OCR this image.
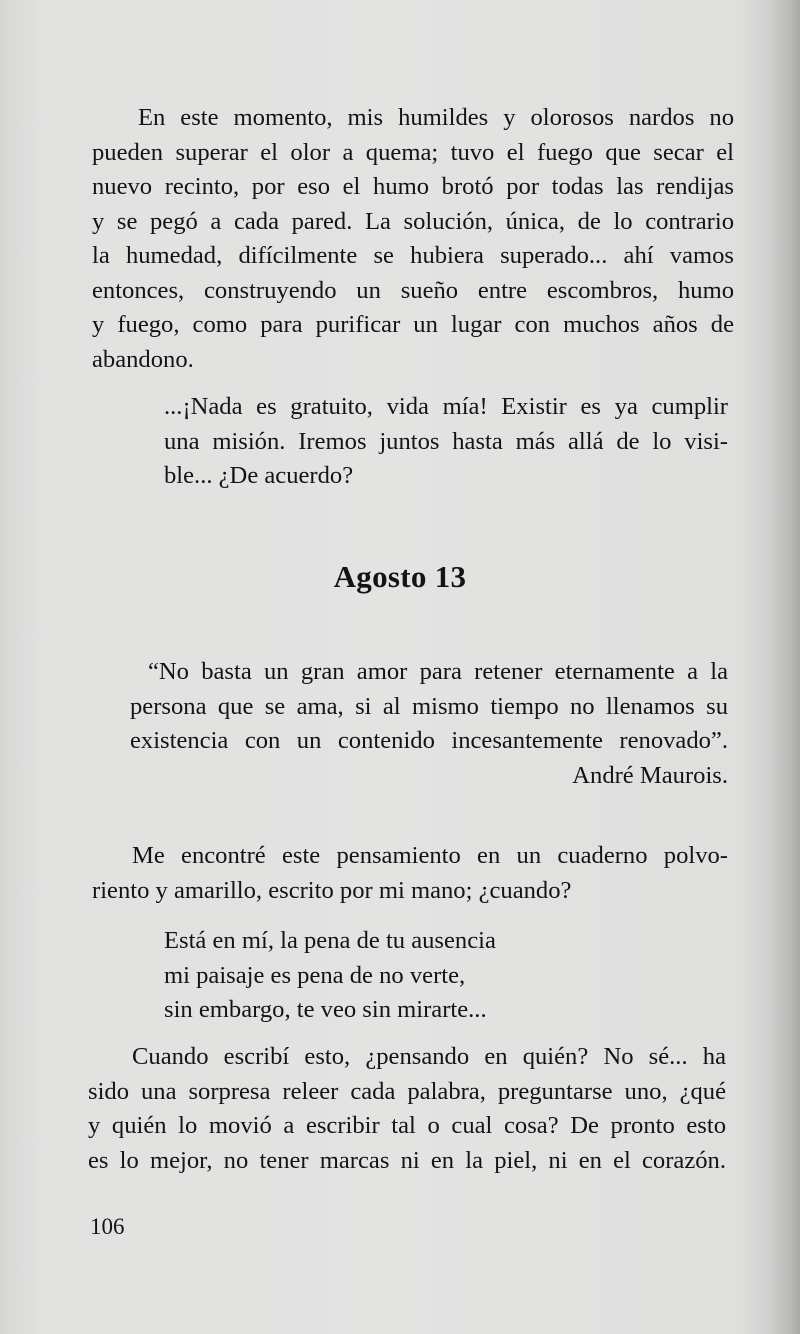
En este momento, mis humildes y olorosos nardos no
pueden superar el olor a quema; tuvo el fuego que secar el
nuevo recinto, por eso el humo brotó por todas las rendijas
y se pegó a cada pared. La solución, única, de lo contrario
la humedad, difícilmente se hubiera superado... ahí vamos
entonces, construyendo un sueño entre escombros, humo
y fuego, como para purificar un lugar con muchos años de
abandono.
...¡Nada es gratuito, vida mía! Existir es ya cumplir
una misión. Iremos juntos hasta más allá de lo visi-
ble... ¿De acuerdo?
Agosto 13
“No basta un gran amor para retener eternamente a la
persona que se ama, si al mismo tiempo no llenamos su
existencia con un contenido incesantemente renovado”.
André Maurois.
Me encontré este pensamiento en un cuaderno polvo-
riento y amarillo, escrito por mi mano; ¿cuando?
Está en mí, la pena de tu ausencia
mi paisaje es pena de no verte,
sin embargo, te veo sin mirarte...
Cuando escribí esto, ¿pensando en quién? No sé... ha
sido una sorpresa releer cada palabra, preguntarse uno, ¿qué
y quién lo movió a escribir tal o cual cosa? De pronto esto
es lo mejor, no tener marcas ni en la piel, ni en el corazón.
106
